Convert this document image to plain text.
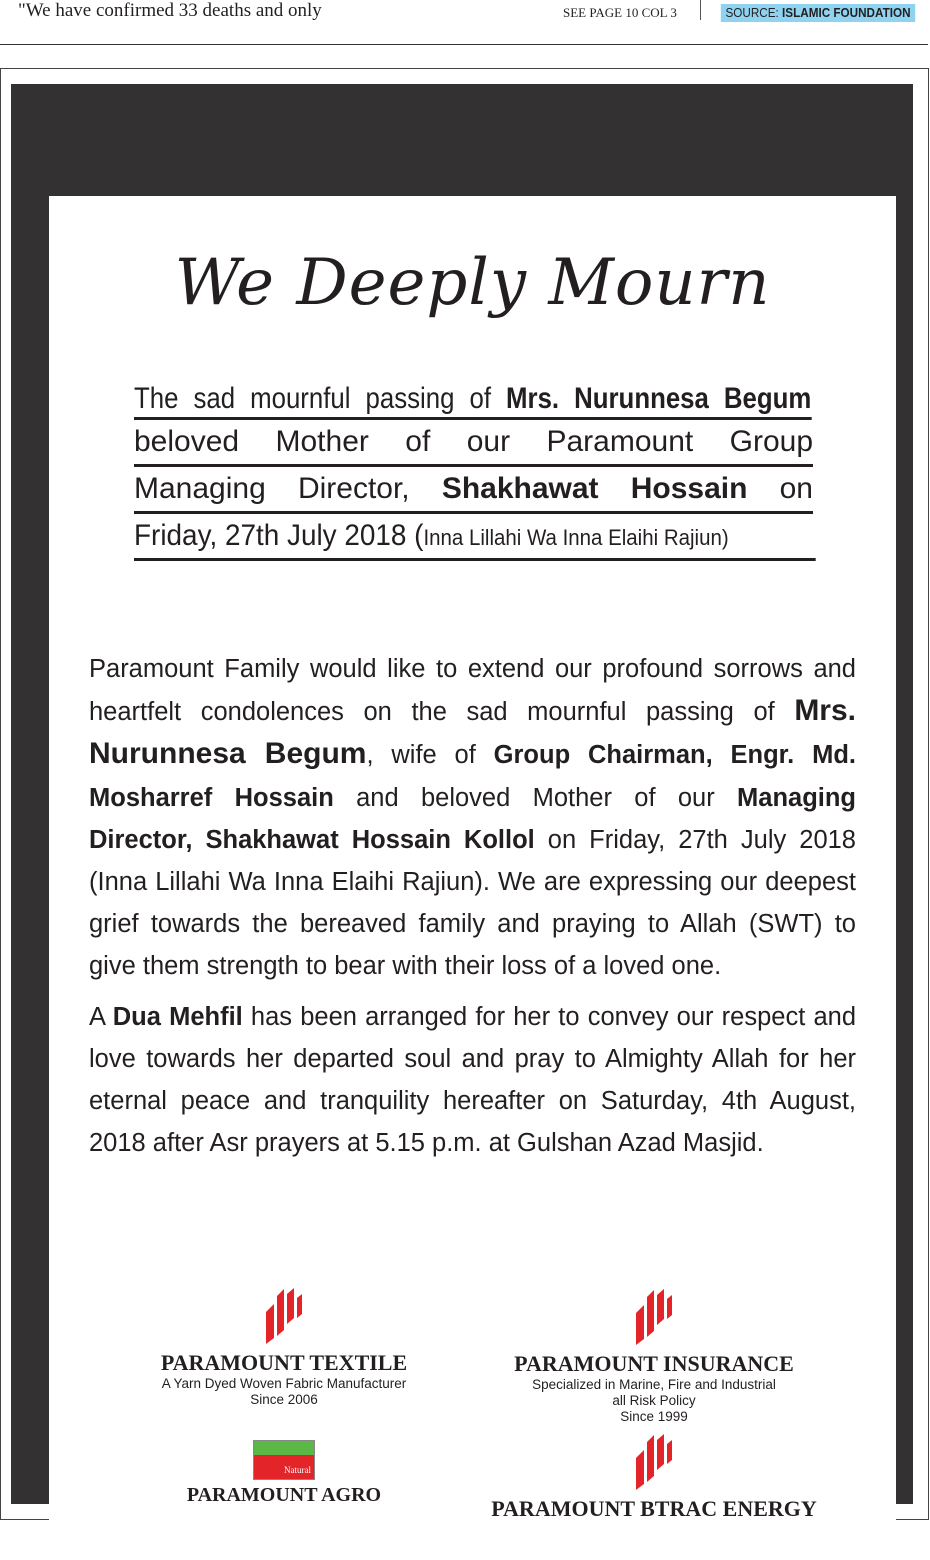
"We have confirmed 33 deaths and only	SEE PAGE 10 COL 3	SOURCE: ISLAMIC FOUNDATION
We Deeply Mourn
The sad mournful passing of Mrs. Nurunnesa Begum
beloved Mother of our Paramount Group
Managing Director, Shakhawat Hossain on
Friday, 27th July 2018 (Inna Lillahi Wa Inna Elaihi Rajiun)

Paramount Family would like to extend our profound sorrows and heartfelt condolences on the sad mournful passing of Mrs. Nurunnesa Begum, wife of Group Chairman, Engr. Md. Mosharref Hossain and beloved Mother of our Managing Director, Shakhawat Hossain Kollol on Friday, 27th July 2018 (Inna Lillahi Wa Inna Elaihi Rajiun). We are expressing our deepest grief towards the bereaved family and praying to Allah (SWT) to give them strength to bear with their loss of a loved one.

A Dua Mehfil has been arranged for her to convey our respect and love towards her departed soul and pray to Almighty Allah for her eternal peace and tranquility hereafter on Saturday, 4th August, 2018 after Asr prayers at 5.15 p.m. at Gulshan Azad Masjid.

PARAMOUNT TEXTILE
A Yarn Dyed Woven Fabric Manufacturer
Since 2006
PARAMOUNT INSURANCE
Specialized in Marine, Fire and Industrial
all Risk Policy
Since 1999
Natural
PARAMOUNT AGRO
PARAMOUNT BTRAC ENERGY
